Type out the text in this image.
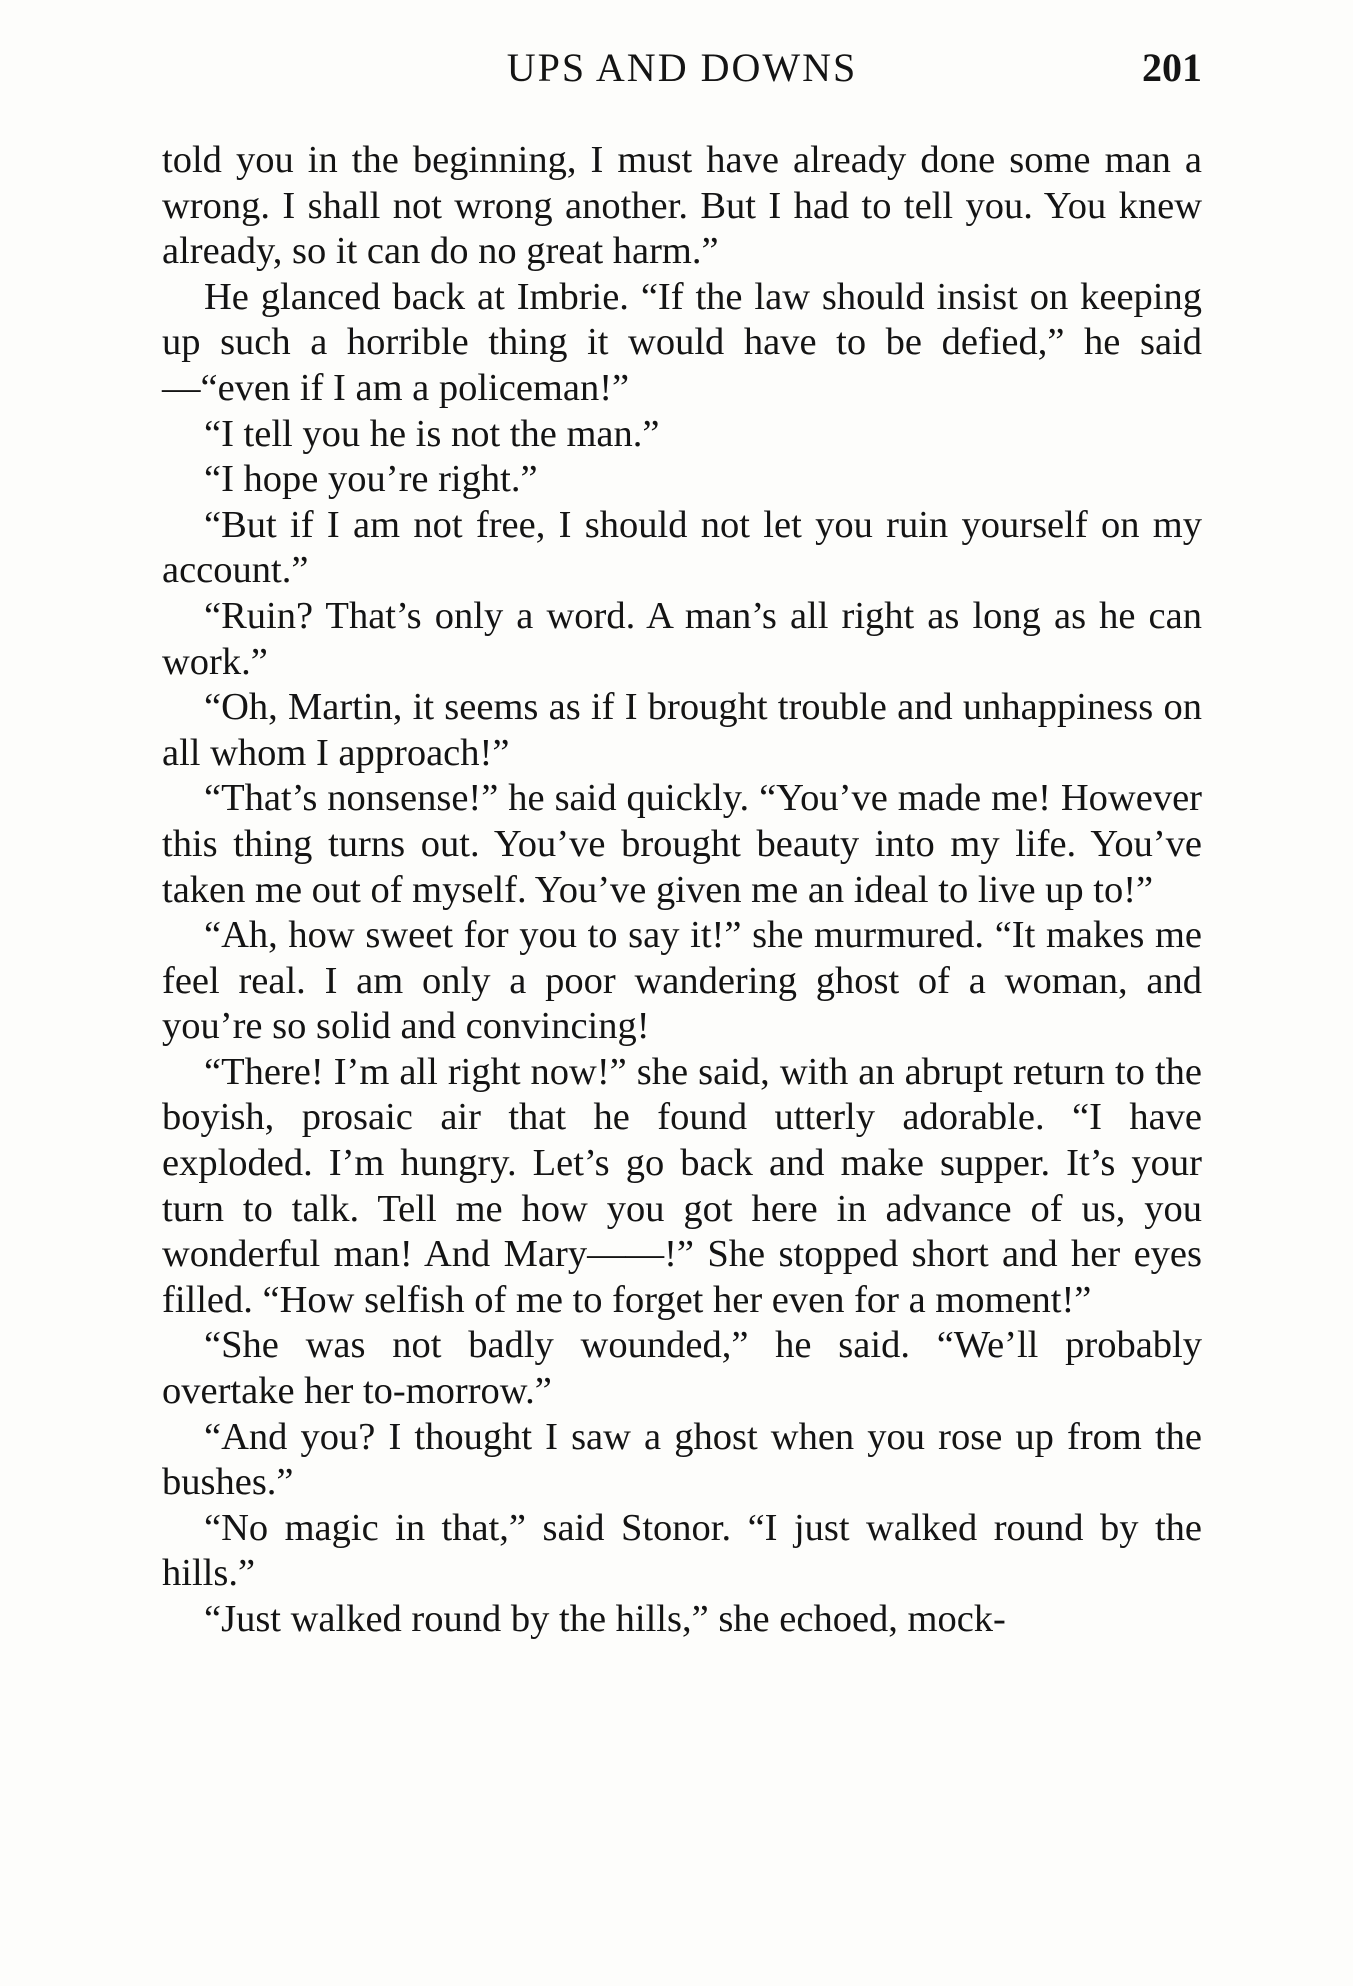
UPS AND DOWNS	201

told you in the beginning, I must have already done some man a wrong. I shall not wrong another. But I had to tell you. You knew already, so it can do no great harm.”

He glanced back at Imbrie. “If the law should insist on keeping up such a horrible thing it would have to be defied,” he said—“even if I am a policeman!”

“I tell you he is not the man.”

“I hope you’re right.”

“But if I am not free, I should not let you ruin yourself on my account.”

“Ruin? That’s only a word. A man’s all right as long as he can work.”

“Oh, Martin, it seems as if I brought trouble and unhappiness on all whom I approach!”

“That’s nonsense!” he said quickly. “You’ve made me! However this thing turns out. You’ve brought beauty into my life. You’ve taken me out of myself. You’ve given me an ideal to live up to!”

“Ah, how sweet for you to say it!” she murmured. “It makes me feel real. I am only a poor wandering ghost of a woman, and you’re so solid and convincing!

“There! I’m all right now!” she said, with an abrupt return to the boyish, prosaic air that he found utterly adorable. “I have exploded. I’m hungry. Let’s go back and make supper. It’s your turn to talk. Tell me how you got here in advance of us, you wonderful man! And Mary——!” She stopped short and her eyes filled. “How selfish of me to forget her even for a moment!”

“She was not badly wounded,” he said. “We’ll probably overtake her to-morrow.”

“And you? I thought I saw a ghost when you rose up from the bushes.”

“No magic in that,” said Stonor. “I just walked round by the hills.”

“Just walked round by the hills,” she echoed, mock-
